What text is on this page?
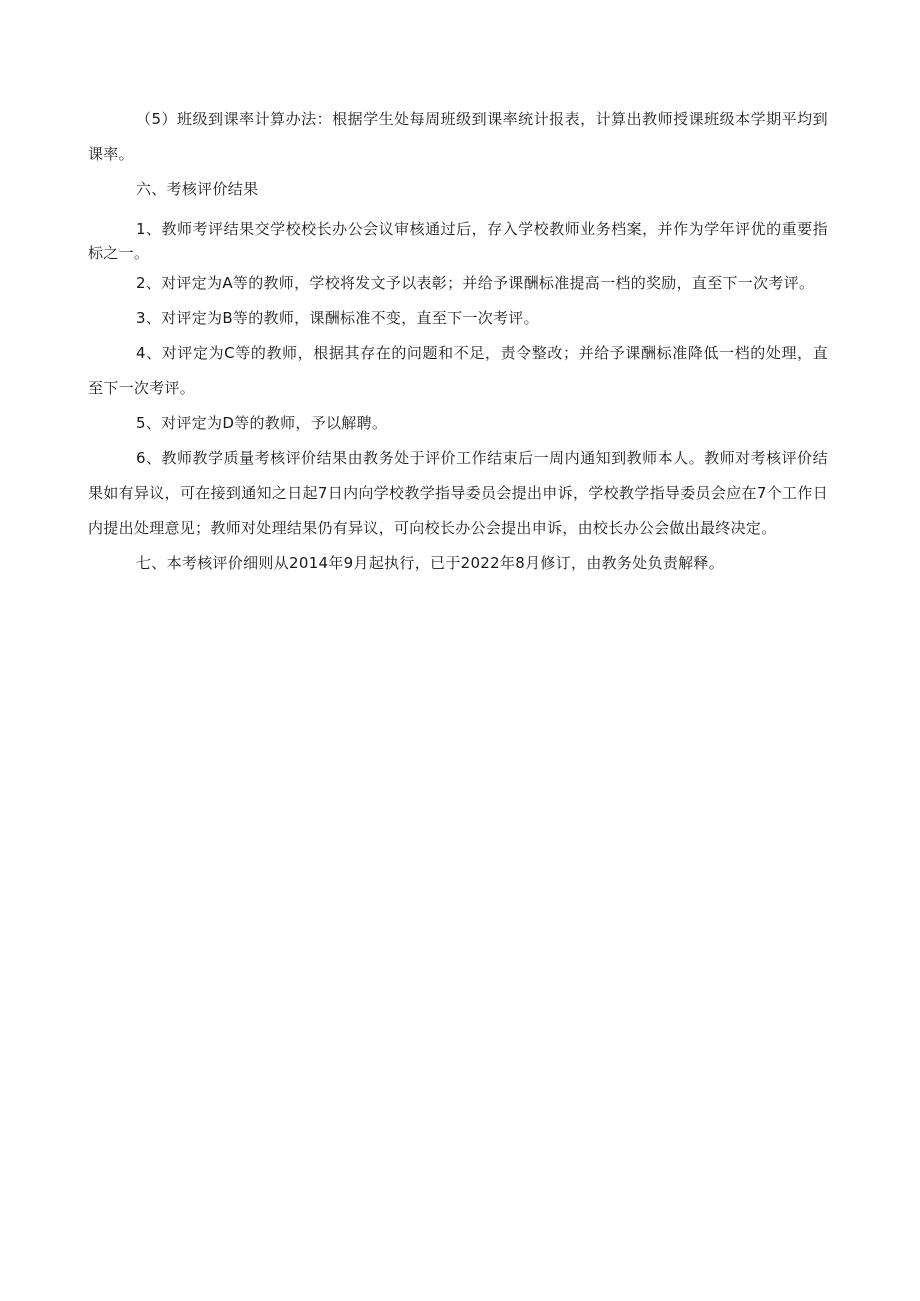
（5）班级到课率计算办法：根据学生处每周班级到课率统计报表，计算出教师授课班级本学期平均到课率。

六、考核评价结果

1、教师考评结果交学校校长办公会议审核通过后，存入学校教师业务档案，并作为学年评优的重要指标之一。

2、对评定为A等的教师，学校将发文予以表彰；并给予课酬标准提高一档的奖励，直至下一次考评。

3、对评定为B等的教师，课酬标准不变，直至下一次考评。

4、对评定为C等的教师，根据其存在的问题和不足，责令整改；并给予课酬标准降低一档的处理，直至下一次考评。

5、对评定为D等的教师，予以解聘。

6、教师教学质量考核评价结果由教务处于评价工作结束后一周内通知到教师本人。教师对考核评价结果如有异议，可在接到通知之日起7日内向学校教学指导委员会提出申诉，学校教学指导委员会应在7个工作日内提出处理意见；教师对处理结果仍有异议，可向校长办公会提出申诉，由校长办公会做出最终决定。

七、本考核评价细则从2014年9月起执行，已于2022年8月修订，由教务处负责解释。
